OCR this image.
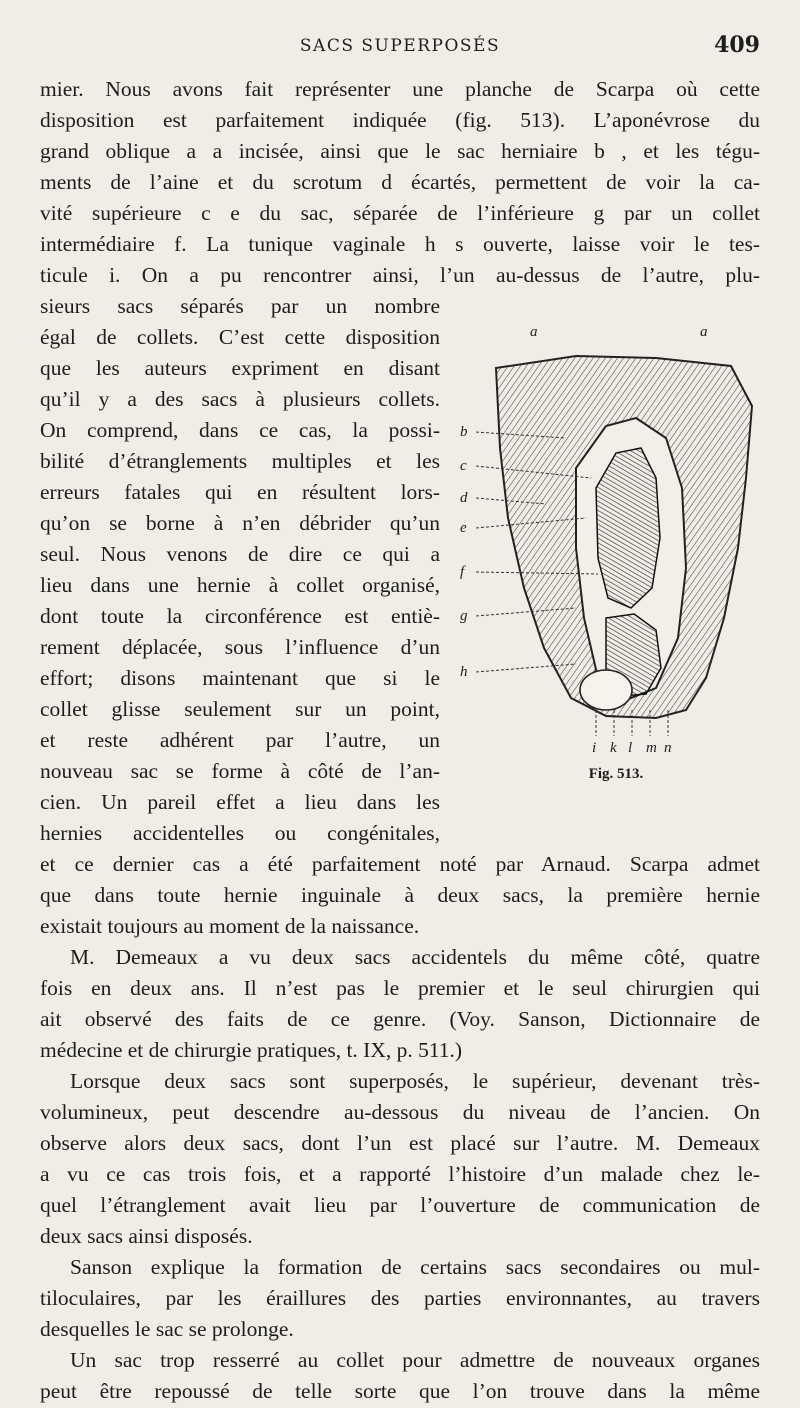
SACS SUPERPOSÉS	409
mier. Nous avons fait représenter une planche de Scarpa où cette
disposition est parfaitement indiquée (fig. 513). L’aponévrose du
grand oblique a a incisée, ainsi que le sac herniaire b , et les tégu-
ments de l’aine et du scrotum d écartés, permettent de voir la ca-
vité supérieure c e du sac, séparée de l’inférieure g par un collet
intermédiaire f. La tunique vaginale h s ouverte, laisse voir le tes-
ticule i. On a pu rencontrer ainsi, l’un au-dessus de l’autre, plu-
sieurs sacs séparés par un nombre
égal de collets. C’est cette disposition
que les auteurs expriment en disant
qu’il y a des sacs à plusieurs collets.
On comprend, dans ce cas, la possi-
bilité d’étranglements multiples et les
erreurs fatales qui en résultent lors-
qu’on se borne à n’en débrider qu’un
seul. Nous venons de dire ce qui a
lieu dans une hernie à collet organisé,
dont toute la circonférence est entiè-
rement déplacée, sous l’influence d’un
effort; disons maintenant que si le
collet glisse seulement sur un point,
et reste adhérent par l’autre, un
nouveau sac se forme à côté de l’an-
cien. Un pareil effet a lieu dans les
hernies accidentelles ou congénitales,
a	a
b
c
d
e
f
g
h
i k l m n
Fig. 513.
et ce dernier cas a été parfaitement noté par Arnaud. Scarpa admet
que dans toute hernie inguinale à deux sacs, la première hernie
existait toujours au moment de la naissance.
M. Demeaux a vu deux sacs accidentels du même côté, quatre
fois en deux ans. Il n’est pas le premier et le seul chirurgien qui
ait observé des faits de ce genre. (Voy. Sanson, Dictionnaire de
médecine et de chirurgie pratiques, t. IX, p. 511.)
Lorsque deux sacs sont superposés, le supérieur, devenant très-
volumineux, peut descendre au-dessous du niveau de l’ancien. On
observe alors deux sacs, dont l’un est placé sur l’autre. M. Demeaux
a vu ce cas trois fois, et a rapporté l’histoire d’un malade chez le-
quel l’étranglement avait lieu par l’ouverture de communication de
deux sacs ainsi disposés.
Sanson explique la formation de certains sacs secondaires ou mul-
tiloculaires, par les éraillures des parties environnantes, au travers
desquelles le sac se prolonge.
Un sac trop resserré au collet pour admettre de nouveaux organes
peut être repoussé de telle sorte que l’on trouve dans la même
